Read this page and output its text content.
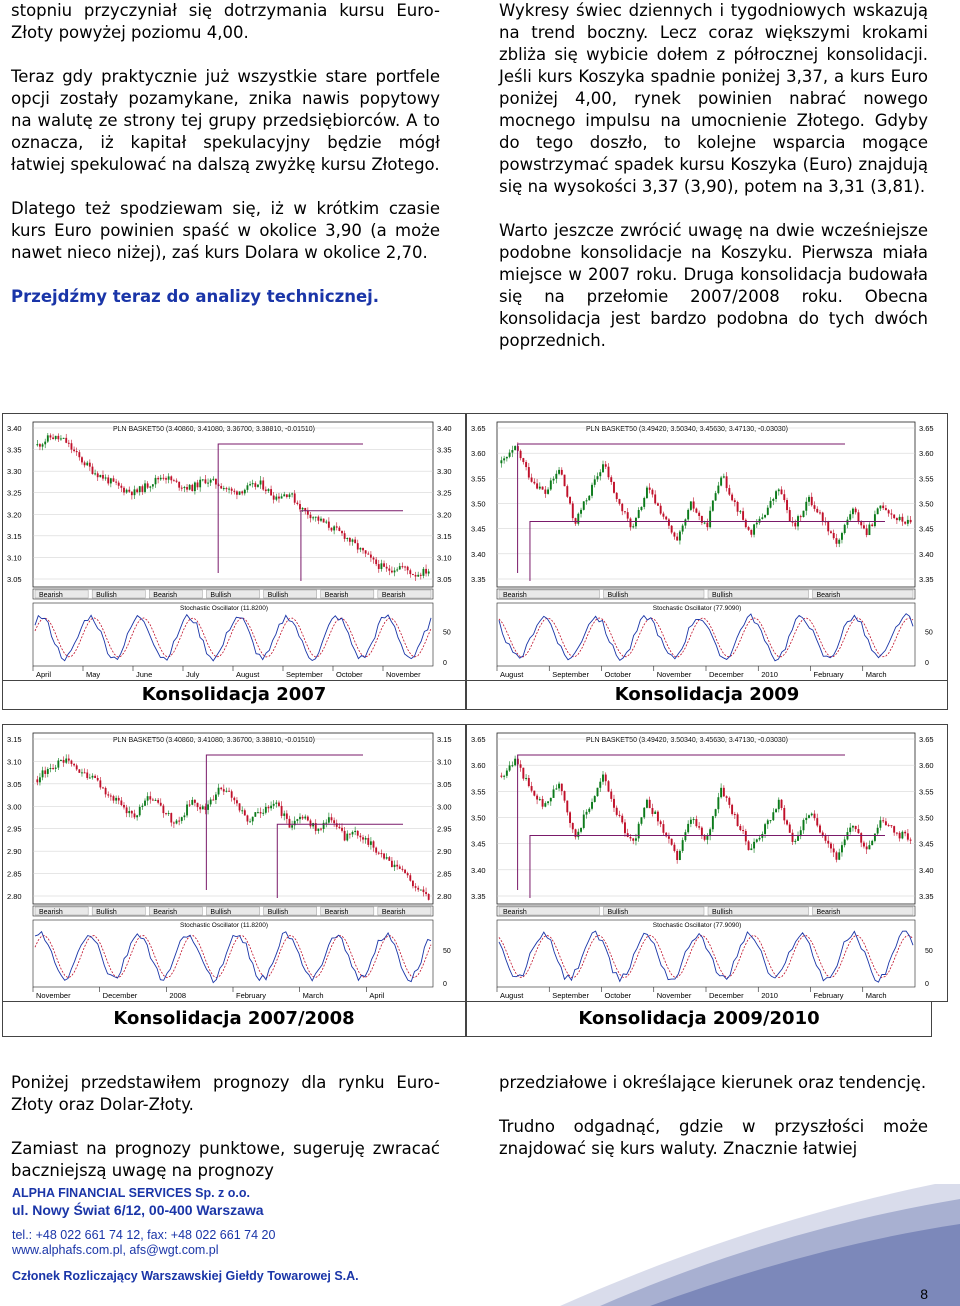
stopniu przyczyniał się dotrzymania kursu Euro-Złoty powyżej poziomu 4,00.

Teraz gdy praktycznie już wszystkie stare portfele opcji zostały pozamykane, znika nawis popytowy na walutę ze strony tej grupy przedsiębiorców. A to oznacza, iż kapitał spekulacyjny będzie mógł łatwiej spekulować na dalszą zwyżkę kursu Złotego.

Dlatego też spodziewam się, iż w krótkim czasie kurs Euro powinien spaść w okolice 3,90 (a może nawet nieco niżej), zaś kurs Dolara w okolice 2,70.

Przejdźmy teraz do analizy technicznej.

Wykresy świec dziennych i tygodniowych wskazują na trend boczny. Lecz coraz większymi krokami zbliża się wybicie dołem z półrocznej konsolidacji. Jeśli kurs Koszyka spadnie poniżej 3,37, a kurs Euro poniżej 4,00, rynek powinien nabrać nowego mocnego impulsu na umocnienie Złotego. Gdyby do tego doszło, to kolejne wsparcia mogące powstrzymać spadek kursu Koszyka (Euro) znajdują się na wysokości 3,37 (3,90), potem na 3,31 (3,81).

Warto jeszcze zwrócić uwagę na dwie wcześniejsze podobne konsolidacje na Koszyku. Pierwsza miała miejsce w 2007 roku. Druga konsolidacja budowała się na przełomie 2007/2008 roku. Obecna konsolidacja jest bardzo podobna do tych dwóch poprzednich.

PLN BASKET50 (3.40860, 3.41080, 3.36700, 3.38810, -0.01510)
3.40	3.40
3.35	3.35
3.30	3.30
3.25	3.25
3.20	3.20
3.15	3.15
3.10	3.10
3.05	3.05
Bearish	Bullish	Bearish	Bullish	Bullish	Bearish	Bearish
Stochastic Oscillator (11.8200)
50
0
April	May	June	July	August	September October	November
PLN BASKET50 (3.49420, 3.50340, 3.45630, 3.47130, -0.03030)
3.65	3.65
3.60	3.60
3.55	3.55
3.50	3.50
3.45	3.45
3.40	3.40
3.35	3.35
Bearish	Bullish	Bullish	Bearish
Stochastic Oscillator (77.9090)
50
0
August	September October	November December 2010	February	March
Konsolidacja 2007	Konsolidacja 2009
PLN BASKET50 (3.40860, 3.41080, 3.36700, 3.38810, -0.01510)
3.15	3.15
3.10	3.10
3.05	3.05
3.00	3.00
2.95	2.95
2.90	2.90
2.85	2.85
2.80	2.80
Bearish	Bullish	Bearish	Bullish	Bullish	Bearish	Bearish
Stochastic Oscillator (11.8200)
50
0
November	December	2008	February	March	April
PLN BASKET50 (3.49420, 3.50340, 3.45630, 3.47130, -0.03030)
3.65	3.65
3.60	3.60
3.55	3.55
3.50	3.50
3.45	3.45
3.40	3.40
3.35	3.35
Bearish	Bullish	Bullish	Bearish
Stochastic Oscillator (77.9090)
50
0
August	September October	November December 2010	February	March
Konsolidacja 2007/2008	Konsolidacja 2009/2010

Poniżej przedstawiłem prognozy dla rynku Euro-Złoty oraz Dolar-Złoty.

Zamiast na prognozy punktowe, sugeruję zwracać baczniejszą uwagę na prognozy

przedziałowe i określające kierunek oraz tendencję.

Trudno odgadnąć, gdzie w przyszłości może znajdować się kurs waluty. Znacznie łatwiej

ALPHA FINANCIAL SERVICES Sp. z o.o.
ul. Nowy Świat 6/12, 00-400 Warszawa
tel.: +48 022 661 74 12, fax: +48 022 661 74 20
www.alphafs.com.pl, afs@wgt.com.pl
Członek Rozliczający Warszawskiej Giełdy Towarowej S.A.
8
